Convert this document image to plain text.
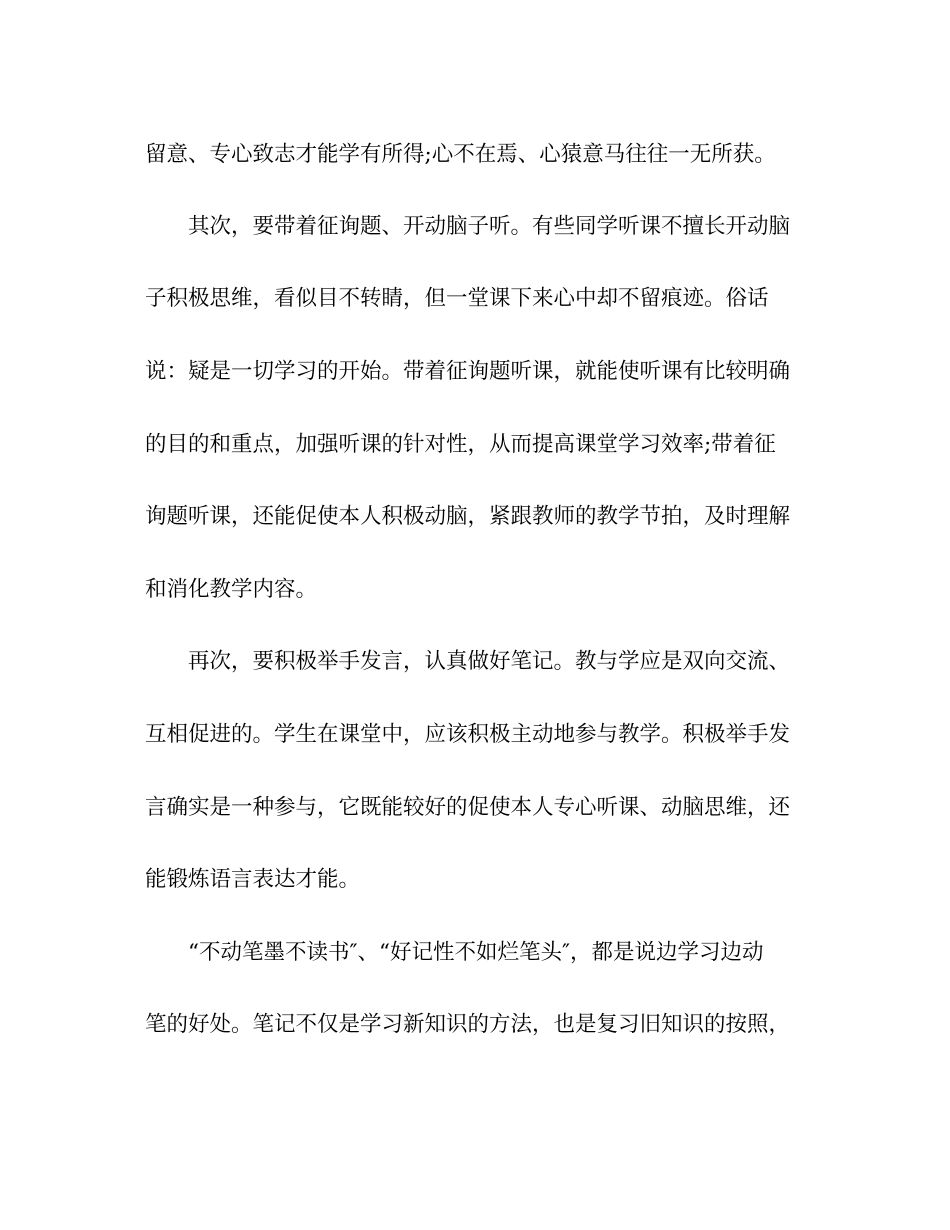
留意、专心致志才能学有所得;心不在焉、心猿意马往往一无所获。
其次，要带着征询题、开动脑子听。有些同学听课不擅长开动脑
子积极思维，看似目不转睛，但一堂课下来心中却不留痕迹。俗话
说：疑是一切学习的开始。带着征询题听课，就能使听课有比较明确
的目的和重点，加强听课的针对性，从而提高课堂学习效率;带着征
询题听课，还能促使本人积极动脑，紧跟教师的教学节拍，及时理解
和消化教学内容。
再次，要积极举手发言，认真做好笔记。教与学应是双向交流、
互相促进的。学生在课堂中，应该积极主动地参与教学。积极举手发
言确实是一种参与，它既能较好的促使本人专心听课、动脑思维，还
能锻炼语言表达才能。
“不动笔墨不读书″、“好记性不如烂笔头″，都是说边学习边动
笔的好处。笔记不仅是学习新知识的方法，也是复习旧知识的按照，
